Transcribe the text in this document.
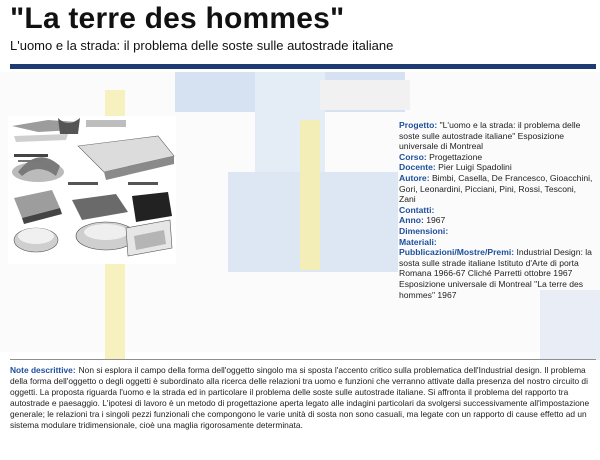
"La terre des hommes"
L'uomo e la strada: il problema delle soste sulle autostrade italiane

Progetto: "L'uomo e la strada: il problema delle soste sulle autostrade italiane" Esposizione universale di Montreal

Corso: Progettazione

Docente: Pier Luigi Spadolini

Autore: Bimbi, Casella, De Francesco, Gioacchini, Gori, Leonardini, Picciani, Pini, Rossi, Tesconi, Zani

Contatti:

Anno: 1967

Dimensioni:

Materiali:

Pubblicazioni/Mostre/Premi: Industrial Design: la sosta sulle strade italiane Istituto d'Arte di porta Romana 1966-67 Cliché Parretti ottobre 1967 Esposizione universale di Montreal "La terre des hommes" 1967

Note descrittive: Non si esplora il campo della forma dell'oggetto singolo ma si sposta l'accento critico sulla problematica dell'Industrial design. Il problema della forma dell'oggetto o degli oggetti è subordinato alla ricerca delle relazioni tra uomo e funzioni che verranno attivate dalla presenza del nostro circuito di oggetti. La proposta riguarda l'uomo e la strada ed in particolare il problema delle soste sulle autostrade italiane. Si affronta il problema del rapporto tra autostrade e paesaggio. L'ipotesi di lavoro è un metodo di progettazione aperta legato alle indagini particolari da svolgersi successivamente all'impostazione generale; le relazioni tra i singoli pezzi funzionali che compongono le varie unità di sosta non sono casuali, ma legate con un rapporto di cause effetto ad un sistema modulare tridimensionale, cioè una maglia rigorosamente determinata.
